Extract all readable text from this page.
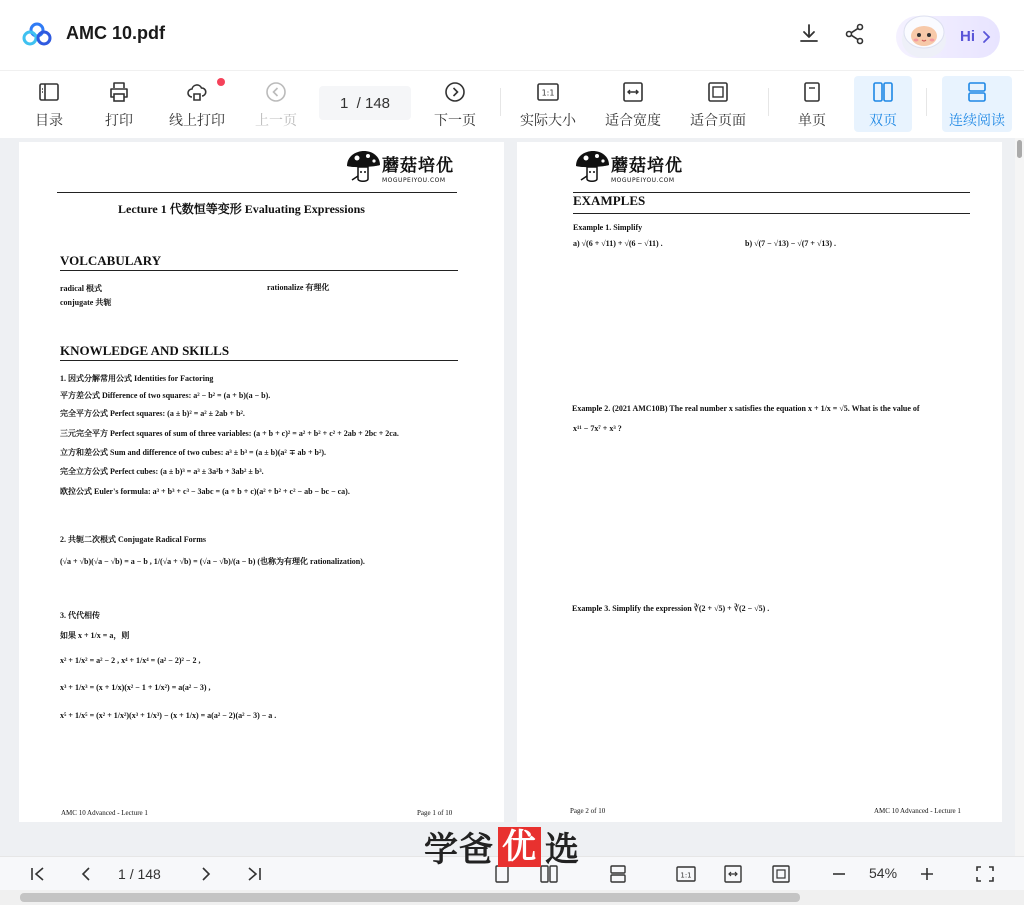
AMC 10.pdf	Hi
目录	打印	线上打印 上一页
1
/ 148
下一页
1:1
实际大小 适合宽度 适合页面	单页	双页	连续阅读
蘑菇培优
MOGUPEIYOU.COM
Lecture 1 代数恒等变形 Evaluating Expressions
VOLCABULARY
radical 根式	rationalize 有理化
conjugate 共轭
KNOWLEDGE AND SKILLS
1. 因式分解常用公式 Identities for Factoring
平方差公式 Difference of two squares: a² − b² = (a + b)(a − b).
完全平方公式 Perfect squares: (a ± b)² = a² ± 2ab + b².
三元完全平方 Perfect squares of sum of three variables: (a + b + c)² = a² + b² + c² + 2ab + 2bc + 2ca.
立方和差公式 Sum and difference of two cubes: a³ ± b³ = (a ± b)(a² ∓ ab + b²).
完全立方公式 Perfect cubes: (a ± b)³ = a³ ± 3a²b + 3ab² ± b³.
欧拉公式 Euler's formula: a³ + b³ + c³ − 3abc = (a + b + c)(a² + b² + c² − ab − bc − ca).
2. 共轭二次根式 Conjugate Radical Forms
(√a + √b)(√a − √b) = a − b , 1/(√a + √b) = (√a − √b)/(a − b) (也称为有理化 rationalization).
3. 代代相传
如果 x + 1/x = a，则
x² + 1/x² = a² − 2 , x⁴ + 1/x⁴ = (a² − 2)² − 2 ,
x³ + 1/x³ = (x + 1/x)(x² − 1 + 1/x²) = a(a² − 3) ,
x⁵ + 1/x⁵ = (x² + 1/x²)(x³ + 1/x³) − (x + 1/x) = a(a² − 2)(a² − 3) − a .
AMC 10 Advanced - Lecture 1	Page 1 of 10
蘑菇培优
MOGUPEIYOU.COM
EXAMPLES
Example 1. Simplify
a) √(6 + √11) + √(6 − √11) .	b) √(7 − √13) − √(7 + √13) .
Example 2. (2021 AMC10B) The real number x satisfies the equation x + 1/x = √5. What is the value of
x¹¹ − 7x⁷ + x³ ?
Example 3. Simplify the expression ∛(2 + √5) + ∛(2 − √5) .
Page 2 of 10	AMC 10 Advanced - Lecture 1
1 / 148	1:1	54%
学爸 优 选
